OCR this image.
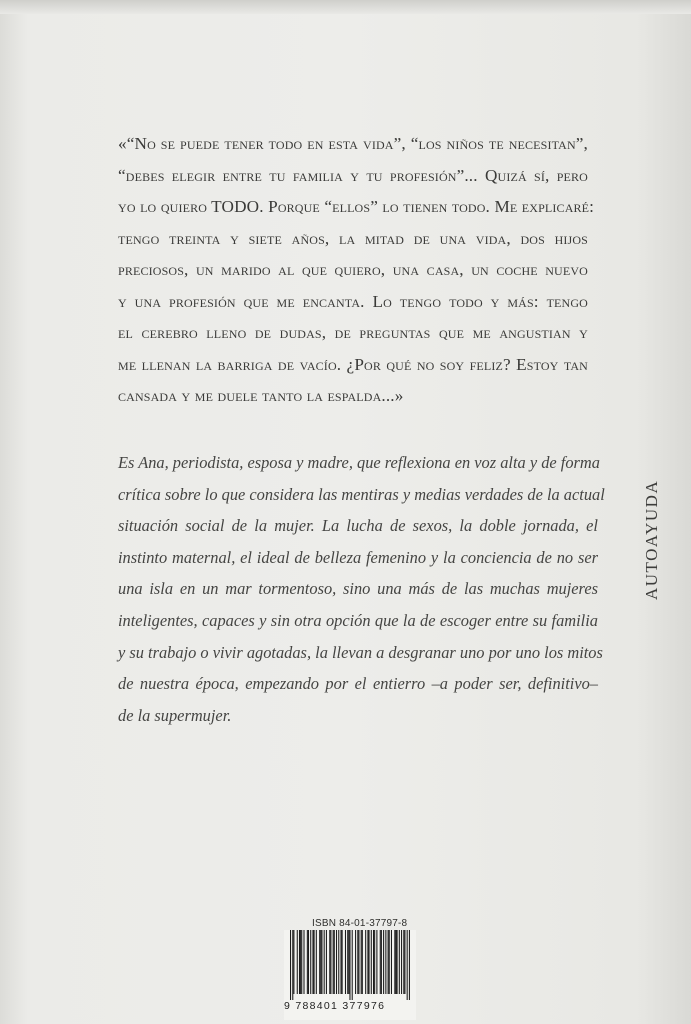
«“No se puede tener todo en esta vida”, “los niños te necesitan”,
“debes elegir entre tu familia y tu profesión”... Quizá sí, pero
yo lo quiero TODO. Porque “ellos” lo tienen todo. Me explicaré:
tengo treinta y siete años, la mitad de una vida, dos hijos
preciosos, un marido al que quiero, una casa, un coche nuevo
y una profesión que me encanta. Lo tengo todo y más: tengo
el cerebro lleno de dudas, de preguntas que me angustian y
me llenan la barriga de vacío. ¿Por qué no soy feliz? Estoy tan
cansada y me duele tanto la espalda...»

Es Ana, periodista, esposa y madre, que reflexiona en voz alta y de forma
crítica sobre lo que considera las mentiras y medias verdades de la actual
situación social de la mujer. La lucha de sexos, la doble jornada, el
instinto maternal, el ideal de belleza femenino y la conciencia de no ser
una isla en un mar tormentoso, sino una más de las muchas mujeres
inteligentes, capaces y sin otra opción que la de escoger entre su familia
y su trabajo o vivir agotadas, la llevan a desgranar uno por uno los mitos
de nuestra época, empezando por el entierro –a poder ser, definitivo–
de la supermujer.

AUTOAYUDA
ISBN 84-01-37797-8
9 788401 377976
